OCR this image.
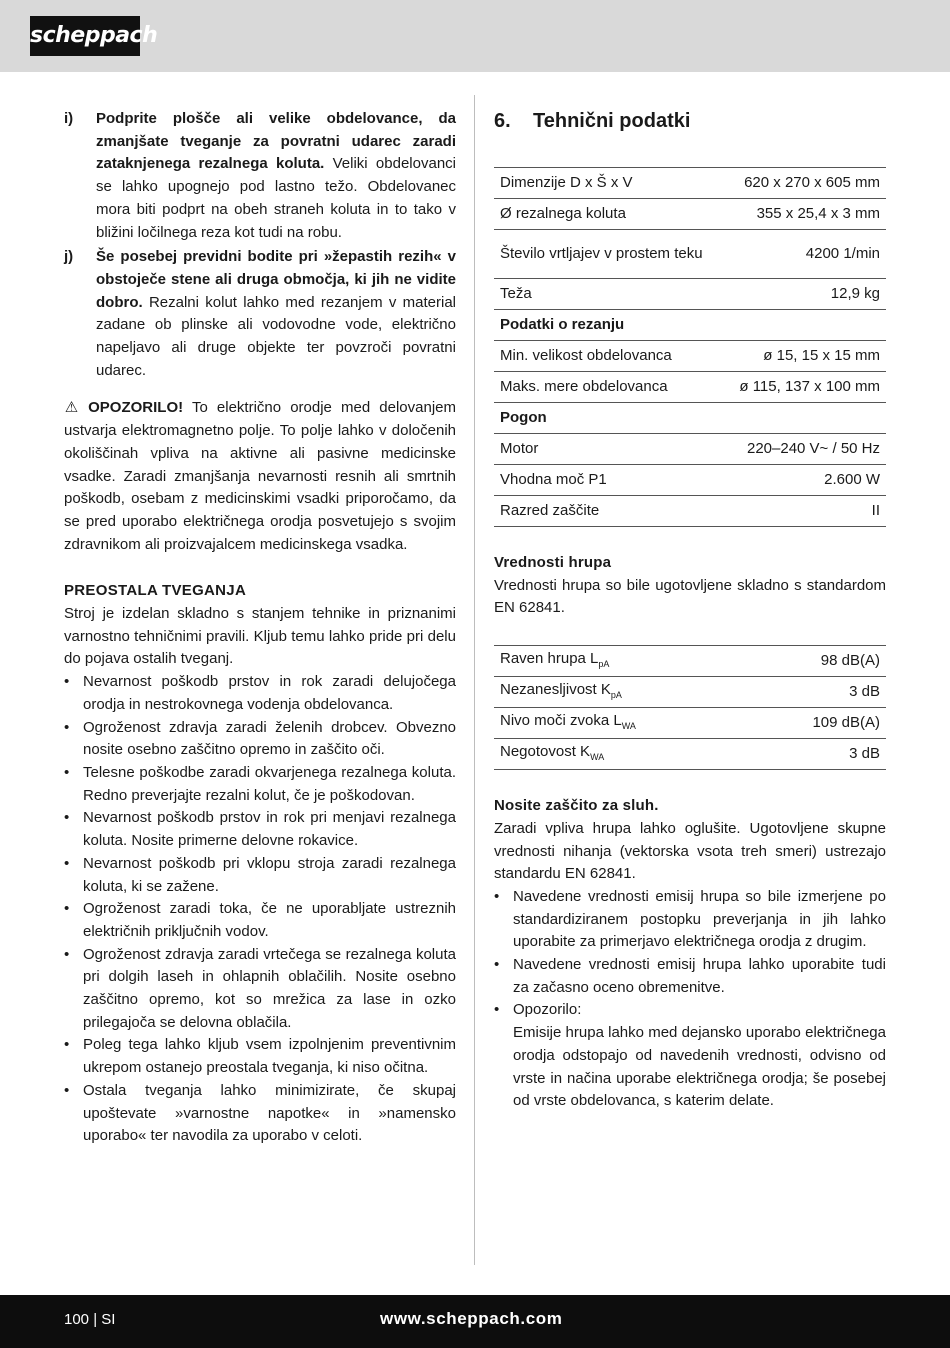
scheppach
i)	Podprite plošče ali velike obdelovance, da zmanjšate tveganje za povratni udarec zaradi zataknjenega rezalnega koluta. Veliki obdelovanci se lahko upognejo pod lastno težo. Obdelovanec mora biti podprt na obeh straneh koluta in to tako v bližini ločilnega reza kot tudi na robu.
j)	Še posebej previdni bodite pri »žepastih rezih« v obstoječe stene ali druga območja, ki jih ne vidite dobro. Rezalni kolut lahko med rezanjem v material zadane ob plinske ali vodovodne vode, električno napeljavo ali druge objekte ter povzroči povratni udarec.

⚠ OPOZORILO! To električno orodje med delovanjem ustvarja elektromagnetno polje. To polje lahko v določenih okoliščinah vpliva na aktivne ali pasivne medicinske vsadke. Zaradi zmanjšanja nevarnosti resnih ali smrtnih poškodb, osebam z medicinskimi vsadki priporočamo, da se pred uporabo električnega orodja posvetujejo s svojim zdravnikom ali proizvajalcem medicinskega vsadka.

PREOSTALA TVEGANJA

Stroj je izdelan skladno s stanjem tehnike in priznanimi varnostno tehničnimi pravili. Kljub temu lahko pride pri delu do pojava ostalih tveganj.

• Nevarnost poškodb prstov in rok zaradi delujočega orodja in nestrokovnega vodenja obdelovanca.
• Ogroženost zdravja zaradi želenih drobcev. Obvezno nosite osebno zaščitno opremo in zaščito oči.
• Telesne poškodbe zaradi okvarjenega rezalnega koluta. Redno preverjajte rezalni kolut, če je poškodovan.
• Nevarnost poškodb prstov in rok pri menjavi rezalnega koluta. Nosite primerne delovne rokavice.
• Nevarnost poškodb pri vklopu stroja zaradi rezalnega koluta, ki se zažene.
• Ogroženost zaradi toka, če ne uporabljate ustreznih električnih priključnih vodov.
• Ogroženost zdravja zaradi vrtečega se rezalnega koluta pri dolgih laseh in ohlapnih oblačilih. Nosite osebno zaščitno opremo, kot so mrežica za lase in ozko prilegajoča se delovna oblačila.
• Poleg tega lahko kljub vsem izpolnjenim preventivnim ukrepom ostanejo preostala tveganja, ki niso očitna.
• Ostala tveganja lahko minimizirate, če skupaj upoštevate »varnostne napotke« in »namensko uporabo« ter navodila za uporabo v celoti.
6.	Tehnični podatki
Dimenzije D x Š x V	620 x 270 x 605 mm
Ø rezalnega koluta	355 x 25,4 x 3 mm
Število vrtljajev v prostem teku	4200 1/min
Teža	12,9 kg
Podatki o rezanju	
Min. velikost obdelovanca	ø 15, 15 x 15 mm
Maks. mere obdelovanca	ø 115, 137 x 100 mm
Pogon	
Motor	220–240 V~ / 50 Hz
Vhodna moč P1	2.600 W
Razred zaščite	II
Vrednosti hrupa

Vrednosti hrupa so bile ugotovljene skladno s standardom EN 62841.

Raven hrupa $L_{pA}$	98 dB(A)
Nezanesljivost $K_{pA}$	3 dB
Nivo moči zvoka $L_{WA}$	109 dB(A)
Negotovost $K_{WA}$	3 dB
Nosite zaščito za sluh.

Zaradi vpliva hrupa lahko oglušite. Ugotovljene skupne vrednosti nihanja (vektorska vsota treh smeri) ustrezajo standardu EN 62841.

• Navedene vrednosti emisij hrupa so bile izmerjene po standardiziranem postopku preverjanja in jih lahko uporabite za primerjavo električnega orodja z drugim.
• Navedene vrednosti emisij hrupa lahko uporabite tudi za začasno oceno obremenitve.
• Opozorilo:
Emisije hrupa lahko med dejansko uporabo električnega orodja odstopajo od navedenih vrednosti, odvisno od vrste in načina uporabe električnega orodja; še posebej od vrste obdelovanca, s katerim delate.
100 | SI	www.scheppach.com
